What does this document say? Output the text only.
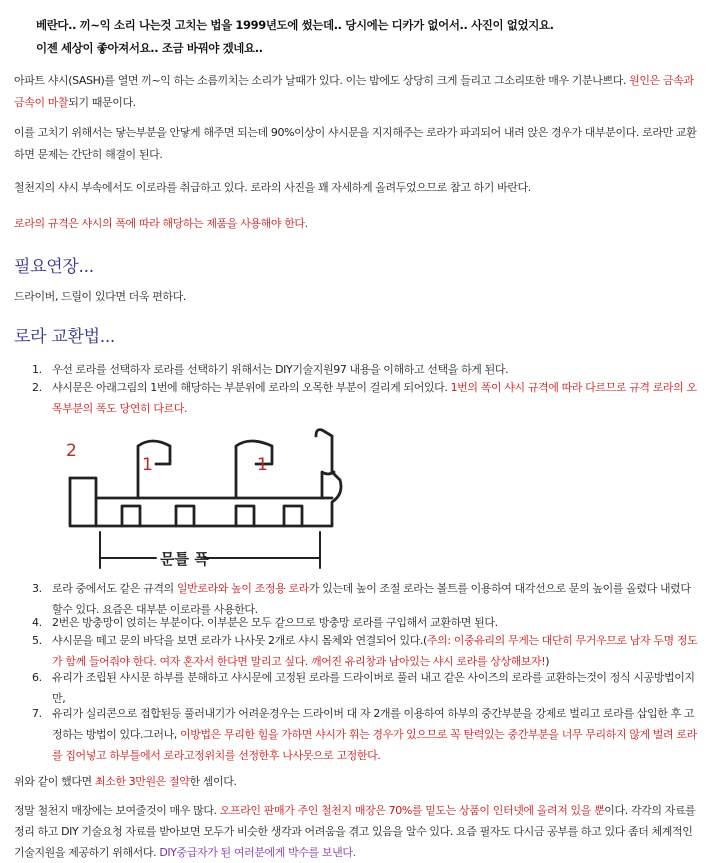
베란다.. 끼~익 소리 나는것 고치는 법을 1999년도에 썼는데.. 당시에는 디카가 없어서.. 사진이 없었지요.
이젠 세상이 좋아져서요.. 조금 바꿔야 겠네요..
아파트 샤시(SASH)를 열면 끼~익 하는 소름끼치는 소리가 날때가 있다. 이는 밤에도 상당히 크게 들리고 그소리또한 매우 기분나쁘다. 원인은 금속과 금속이 마찰되기 때문이다.
이를 고치기 위해서는 닿는부분을 안닿게 해주면 되는데 90%이상이 샤시문을 지지해주는 로라가 파괴되어 내려 앉은 경우가 대부분이다. 로라만 교환하면 문제는 간단히 해결이 된다.
철천지의 샤시 부속에서도 이로라를 취급하고 있다. 로라의 사진을 꽤 자세하게 올려두었으므로 참고 하기 바란다.
로라의 규격은 샤시의 폭에 따라 해당하는 제품을 사용해야 한다.
필요연장...
드라이버, 드릴이 있다면 더욱 편하다.
로라 교환법...
1. 우선 로라를 선택하자 로라를 선택하기 위해서는 DIY기술지원97 내용을 이해하고 선택을 하게 된다.
2. 샤시문은 아래그림의 1번에 해당하는 부분위에 로라의 오목한 부분이 걸리게 되어있다. 1번의 폭이 샤시 규격에 따라 다르므로 규격 로라의 오목부분의 폭도 당연히 다르다.
1	1
2
문틀 폭
3. 로라 중에서도 같은 규격의 일반로라와 높이 조정용 로라가 있는데 높이 조절 로라는 볼트를 이용하여 대각선으로 문의 높이를 올렸다 내렸다 할수 있다. 요즘은 대부분 이로라를 사용한다.
4. 2번은 방충망이 얹히는 부분이다. 이부분은 모두 같으므로 방충망 로라를 구입해서 교환하면 된다.
5. 샤시문을 떼고 문의 바닥을 보면 로라가 나사못 2개로 샤시 몸체와 연결되어 있다.(주의: 이중유리의 무게는 대단히 무거우므로 남자 두명 정도가 함께 들어줘야 한다. 여자 혼자서 한다면 말리고 싶다. 깨어진 유리창과 남아있는 샤시 로라를 상상해보자!)
6. 유리가 조립된 샤시문 하부를 분해하고 샤시문에 고정된 로라를 드라이버로 풀러 내고 같은 사이즈의 로라를 교환하는것이 정식 시공방법이지만,
7. 유리가 실리콘으로 접합된등 풀러내기가 어려운경우는 드라이버 대 자 2개를 이용하여 하부의 중간부분을 강제로 벌리고 로라를 삽입한 후 고정하는 방법이 있다.그러나, 이방법은 무리한 힘을 가하면 샤시가 휘는 경우가 있으므로 꼭 탄력있는 중간부분을 너무 무리하지 않게 벌려 로라를 집어넣고 하부틀에서 로라고정위치를 선정한후 나사못으로 고정한다.
위와 같이 했다면 최소한 3만원은 절약한 셈이다.
정말 철천지 매장에는 보여줄것이 매우 많다. 오프라인 판매가 주인 철천지 매장은 70%를 밑도는 상품이 인터넷에 올려져 있을 뿐이다. 각각의 자료를 정리 하고 DIY 기술요청 자료를 받아보면 모두가 비슷한 생각과 어려움을 겪고 있음을 알수 있다. 요즘 필자도 다시금 공부를 하고 있다 좀더 체계적인 기술지원을 제공하기 위해서다. DIY중급자가 된 여러분에게 박수를 보낸다.
